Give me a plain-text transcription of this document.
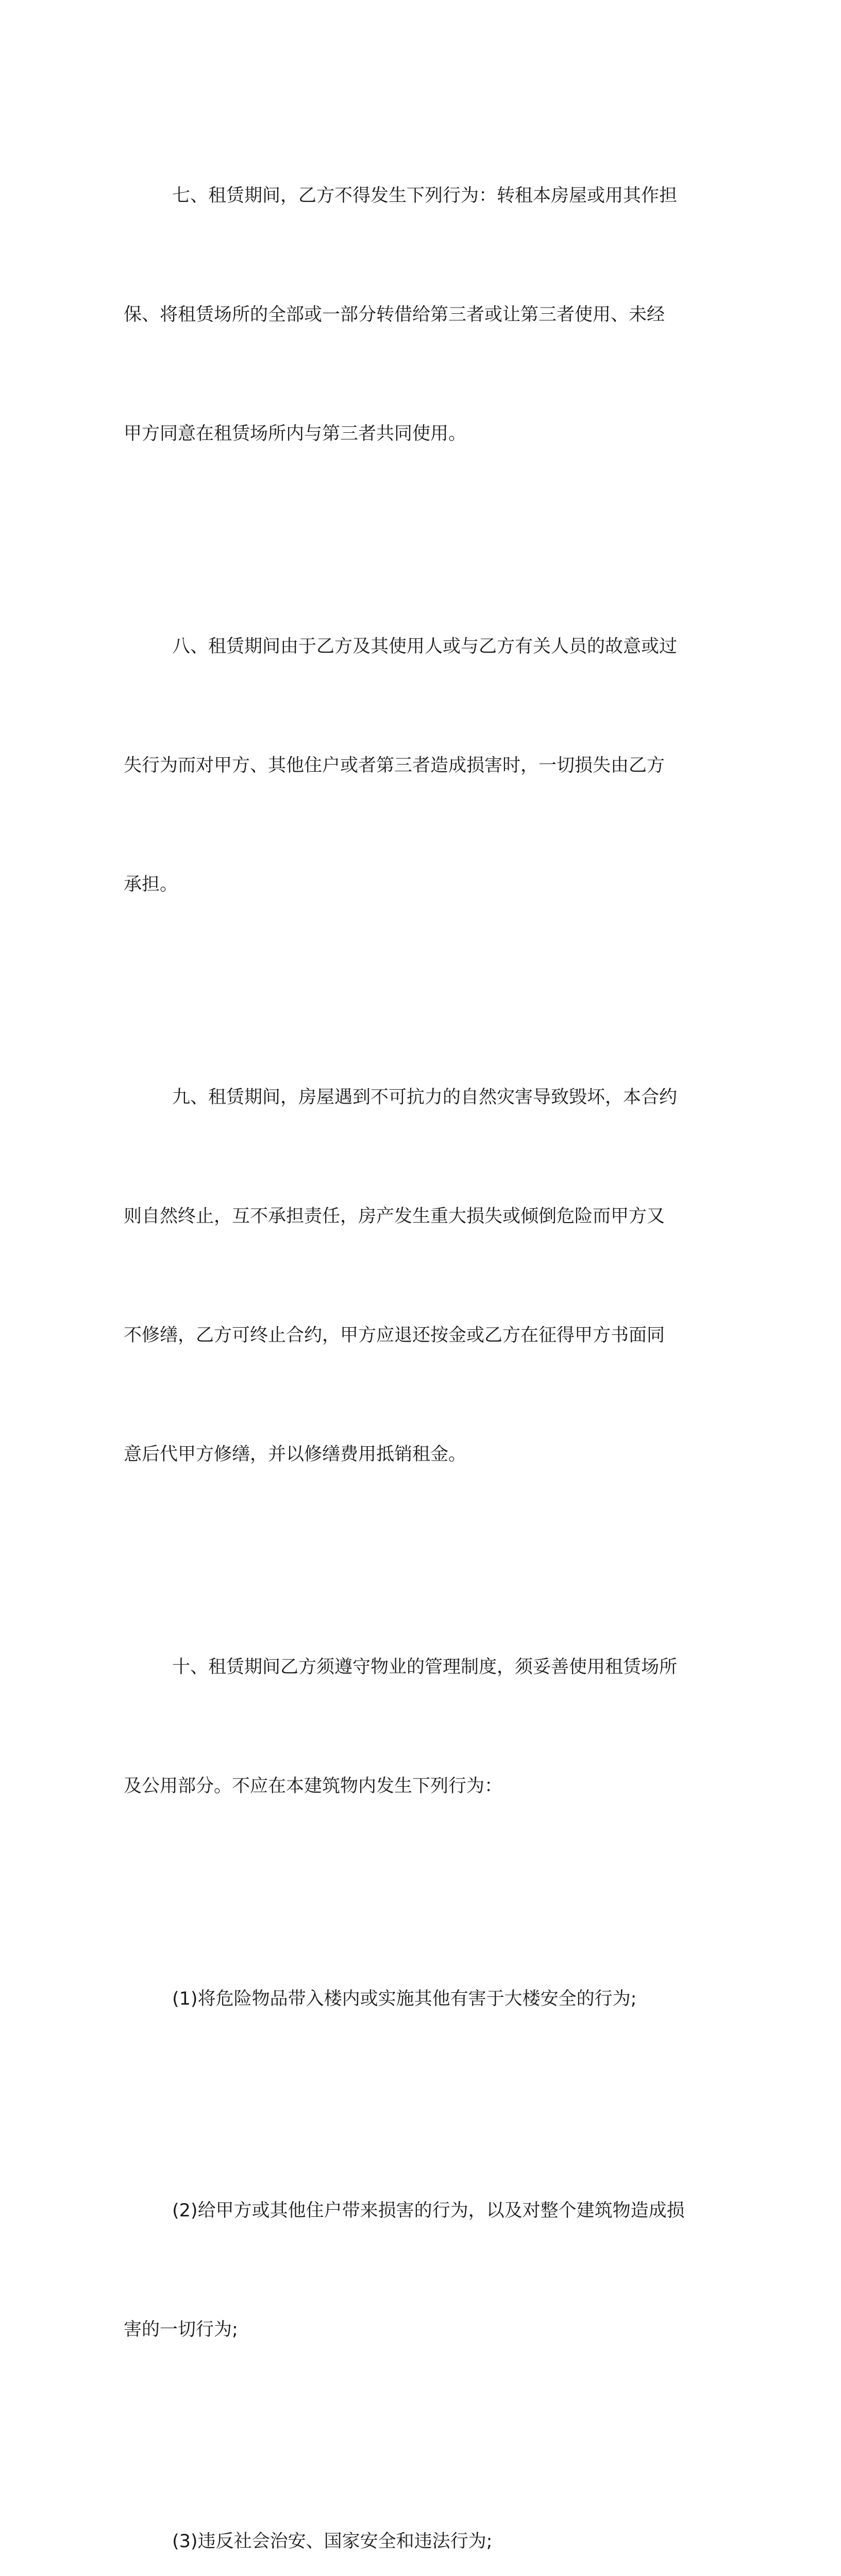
七、租赁期间，乙方不得发生下列行为：转租本房屋或用其作担

保、将租赁场所的全部或一部分转借给第三者或让第三者使用、未经

甲方同意在租赁场所内与第三者共同使用。

八、租赁期间由于乙方及其使用人或与乙方有关人员的故意或过

失行为而对甲方、其他住户或者第三者造成损害时，一切损失由乙方

承担。

九、租赁期间，房屋遇到不可抗力的自然灾害导致毁坏，本合约

则自然终止，互不承担责任，房产发生重大损失或倾倒危险而甲方又

不修缮，乙方可终止合约，甲方应退还按金或乙方在征得甲方书面同

意后代甲方修缮，并以修缮费用抵销租金。

十、租赁期间乙方须遵守物业的管理制度，须妥善使用租赁场所

及公用部分。不应在本建筑物内发生下列行为：

(1)将危险物品带入楼内或实施其他有害于大楼安全的行为;

(2)给甲方或其他住户带来损害的行为，以及对整个建筑物造成损

害的一切行为;

(3)违反社会治安、国家安全和违法行为;
